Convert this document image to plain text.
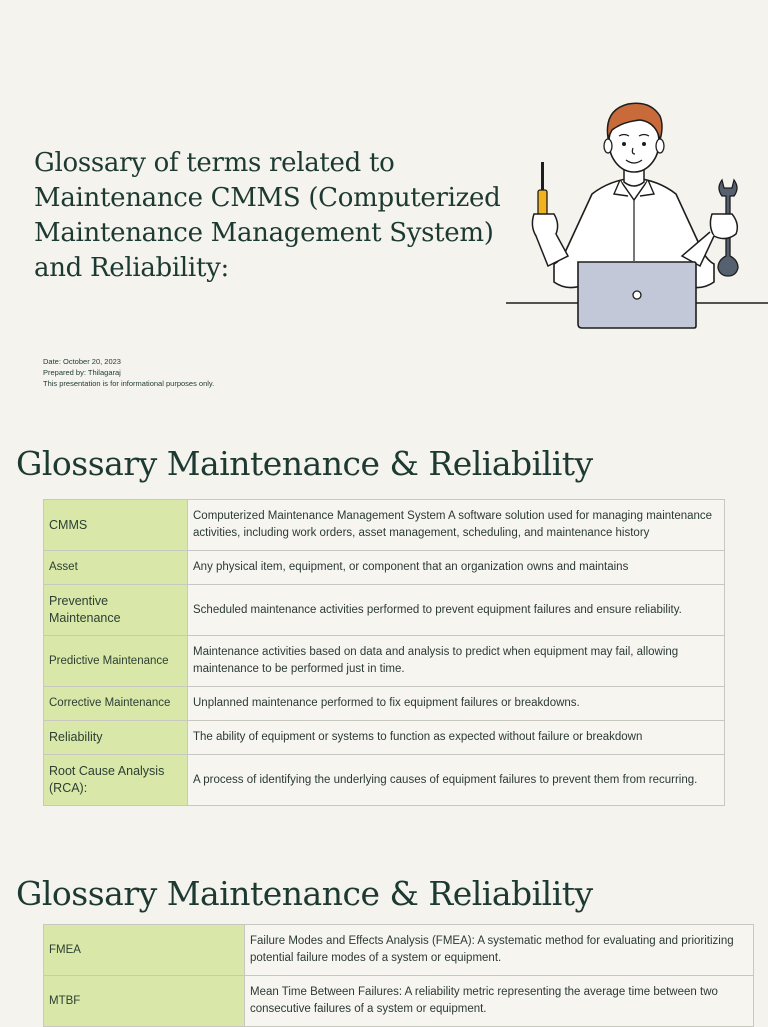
Glossary of terms related to
Maintenance CMMS (Computerized
Maintenance Management System)
and Reliability:
Date: October 20, 2023
Prepared by: Thilagaraj
This presentation is for informational purposes only.
Glossary Maintenance & Reliability
CMMS	Computerized Maintenance Management System A software solution used for managing maintenance activities, including work orders, asset management, scheduling, and maintenance history
Asset	Any physical item, equipment, or component that an organization owns and maintains
Preventive Maintenance	Scheduled maintenance activities performed to prevent equipment failures and ensure reliability.
Predictive Maintenance	Maintenance activities based on data and analysis to predict when equipment may fail, allowing maintenance to be performed just in time.
Corrective Maintenance	Unplanned maintenance performed to fix equipment failures or breakdowns.
Reliability	The ability of equipment or systems to function as expected without failure or breakdown
Root Cause Analysis (RCA):	A process of identifying the underlying causes of equipment failures to prevent them from recurring.
Glossary Maintenance & Reliability
FMEA	Failure Modes and Effects Analysis (FMEA): A systematic method for evaluating and prioritizing potential failure modes of a system or equipment.
MTBF	Mean Time Between Failures: A reliability metric representing the average time between two consecutive failures of a system or equipment.
